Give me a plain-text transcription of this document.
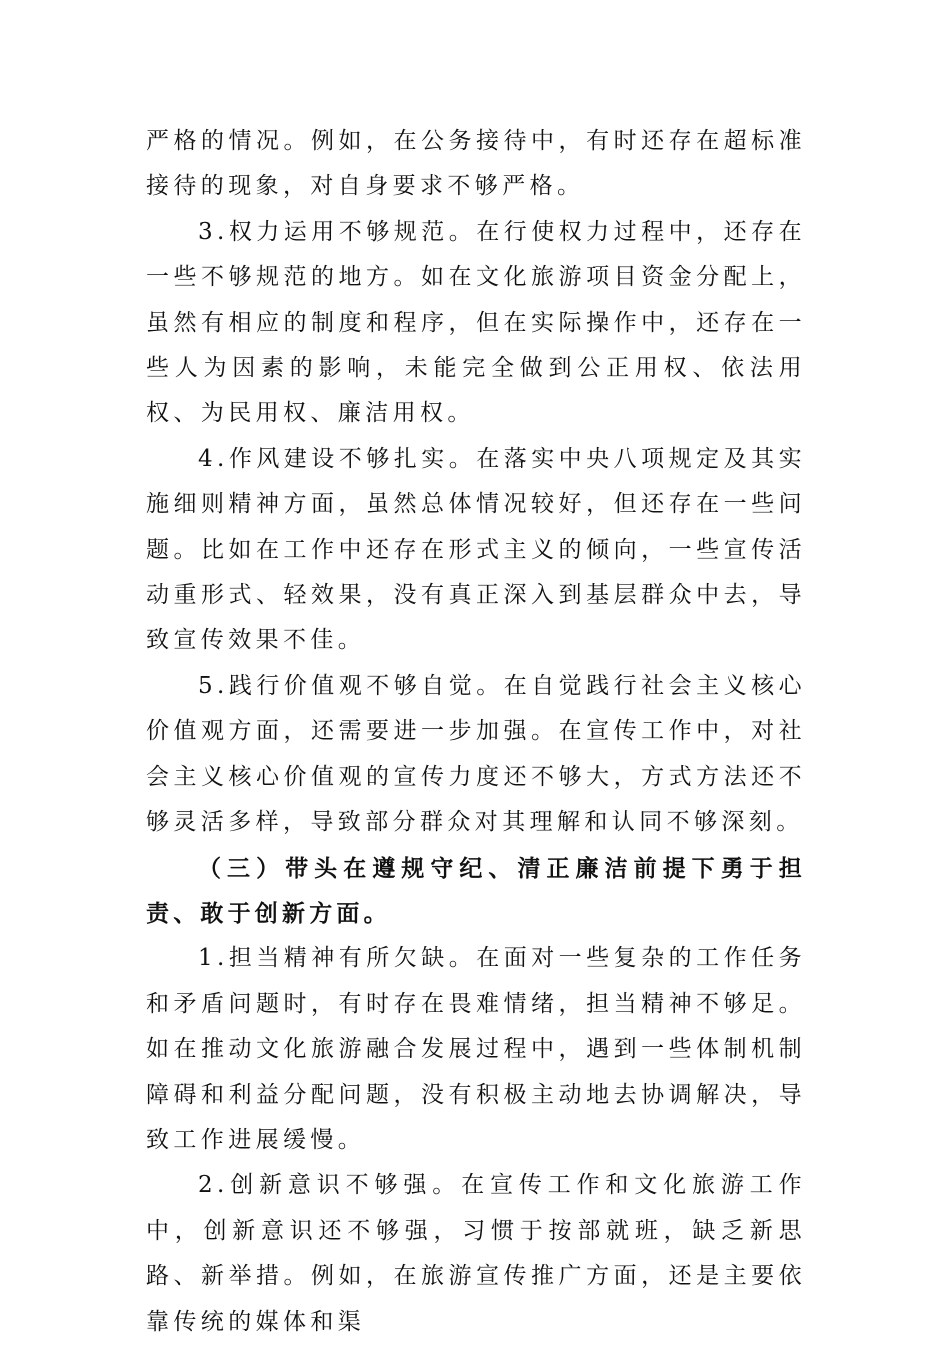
严格的情况。例如，在公务接待中，有时还存在超标准接待的现象，对自身要求不够严格。

3.权力运用不够规范。在行使权力过程中，还存在一些不够规范的地方。如在文化旅游项目资金分配上，虽然有相应的制度和程序，但在实际操作中，还存在一些人为因素的影响，未能完全做到公正用权、依法用权、为民用权、廉洁用权。

4.作风建设不够扎实。在落实中央八项规定及其实施细则精神方面，虽然总体情况较好，但还存在一些问题。比如在工作中还存在形式主义的倾向，一些宣传活动重形式、轻效果，没有真正深入到基层群众中去，导致宣传效果不佳。

5.践行价值观不够自觉。在自觉践行社会主义核心价值观方面，还需要进一步加强。在宣传工作中，对社会主义核心价值观的宣传力度还不够大，方式方法还不够灵活多样，导致部分群众对其理解和认同不够深刻。

（三）带头在遵规守纪、清正廉洁前提下勇于担责、敢于创新方面。

1.担当精神有所欠缺。在面对一些复杂的工作任务和矛盾问题时，有时存在畏难情绪，担当精神不够足。如在推动文化旅游融合发展过程中，遇到一些体制机制障碍和利益分配问题，没有积极主动地去协调解决，导致工作进展缓慢。

2.创新意识不够强。在宣传工作和文化旅游工作中，创新意识还不够强，习惯于按部就班，缺乏新思路、新举措。例如，在旅游宣传推广方面，还是主要依靠传统的媒体和渠
